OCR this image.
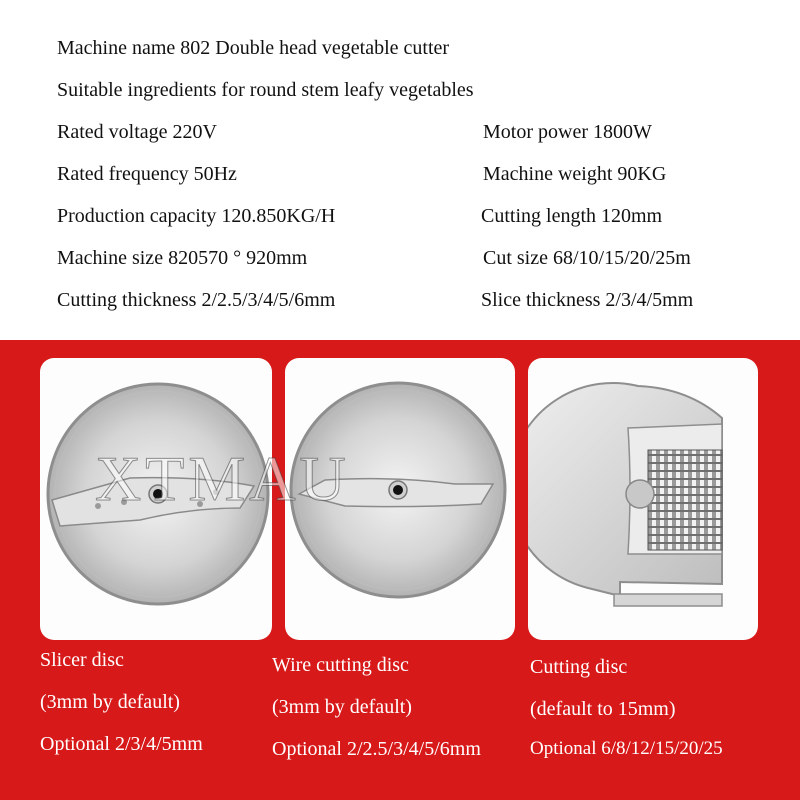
Machine name 802 Double head vegetable cutter
Suitable ingredients for round stem leafy vegetables
Rated voltage 220V	Motor power 1800W
Rated frequency 50Hz	Machine weight 90KG
Production capacity 120.850KG/H	Cutting length 120mm
Machine size 820570 ° 920mm	Cut size 68/10/15/20/25m
Cutting thickness 2/2.5/3/4/5/6mm	Slice thickness 2/3/4/5mm
XTMAU
Slicer disc
(3mm by default)
Optional 2/3/4/5mm
Wire cutting disc
(3mm by default)
Optional 2/2.5/3/4/5/6mm
Cutting disc
(default to 15mm)
Optional 6/8/12/15/20/25
